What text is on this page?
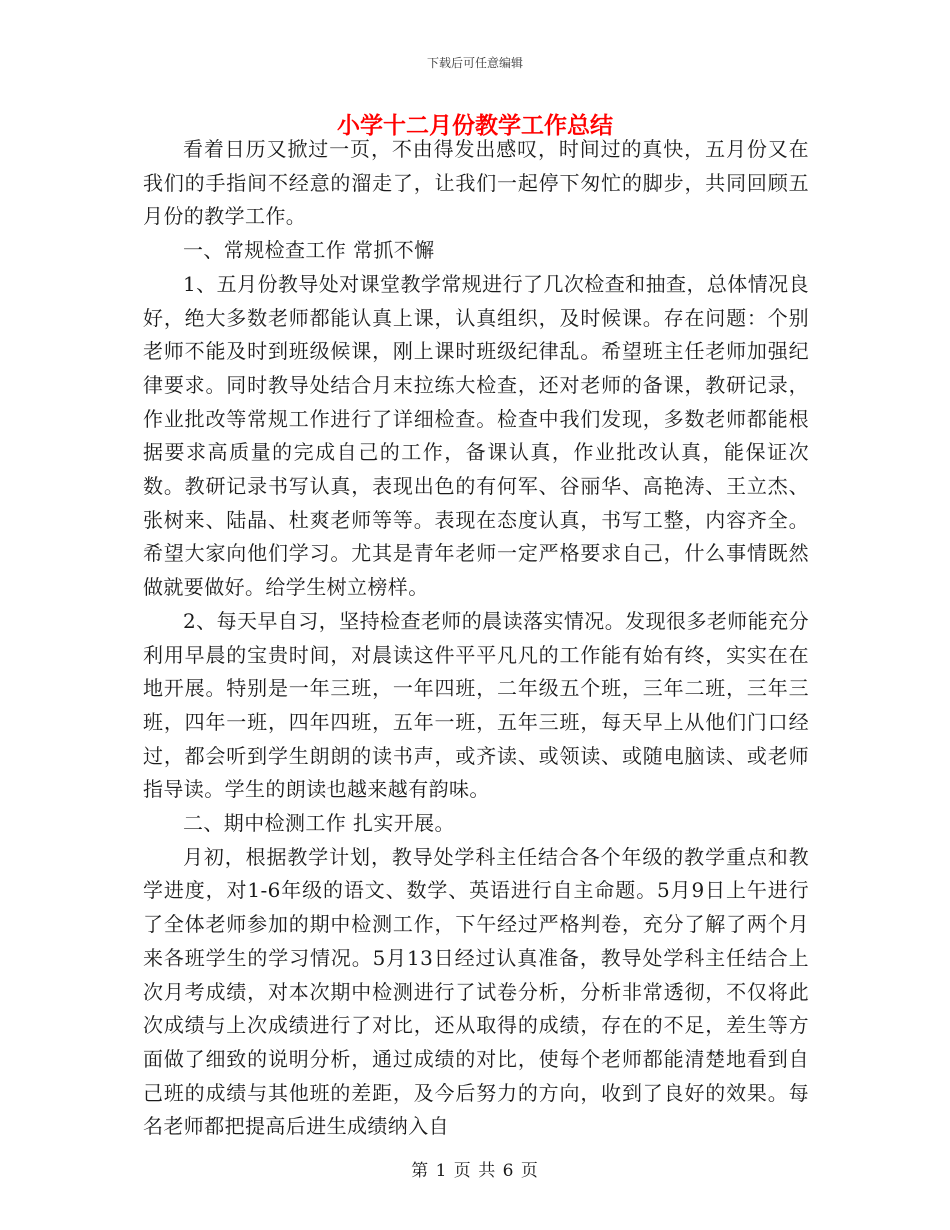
下载后可任意编辑
小学十二月份教学工作总结

看着日历又掀过一页，不由得发出感叹，时间过的真快，五月份又在我们的手指间不经意的溜走了，让我们一起停下匆忙的脚步，共同回顾五月份的教学工作。

一、常规检查工作 常抓不懈

1、五月份教导处对课堂教学常规进行了几次检查和抽查，总体情况良好，绝大多数老师都能认真上课，认真组织，及时候课。存在问题：个别老师不能及时到班级候课，刚上课时班级纪律乱。希望班主任老师加强纪律要求。同时教导处结合月末拉练大检查，还对老师的备课，教研记录，作业批改等常规工作进行了详细检查。检查中我们发现，多数老师都能根据要求高质量的完成自己的工作，备课认真，作业批改认真，能保证次数。教研记录书写认真，表现出色的有何军、谷丽华、高艳涛、王立杰、张树来、陆晶、杜爽老师等等。表现在态度认真，书写工整，内容齐全。希望大家向他们学习。尤其是青年老师一定严格要求自己，什么事情既然做就要做好。给学生树立榜样。

2、每天早自习，坚持检查老师的晨读落实情况。发现很多老师能充分利用早晨的宝贵时间，对晨读这件平平凡凡的工作能有始有终，实实在在地开展。特别是一年三班，一年四班，二年级五个班，三年二班，三年三班，四年一班，四年四班，五年一班，五年三班，每天早上从他们门口经过，都会听到学生朗朗的读书声，或齐读、或领读、或随电脑读、或老师指导读。学生的朗读也越来越有韵味。

二、期中检测工作 扎实开展。

月初，根据教学计划，教导处学科主任结合各个年级的教学重点和教学进度，对1-6年级的语文、数学、英语进行自主命题。5月9日上午进行了全体老师参加的期中检测工作，下午经过严格判卷，充分了解了两个月来各班学生的学习情况。5月13日经过认真准备，教导处学科主任结合上次月考成绩，对本次期中检测进行了试卷分析，分析非常透彻，不仅将此次成绩与上次成绩进行了对比，还从取得的成绩，存在的不足，差生等方面做了细致的说明分析，通过成绩的对比，使每个老师都能清楚地看到自己班的成绩与其他班的差距，及今后努力的方向，收到了良好的效果。每名老师都把提高后进生成绩纳入自

第 1 页 共 6 页
